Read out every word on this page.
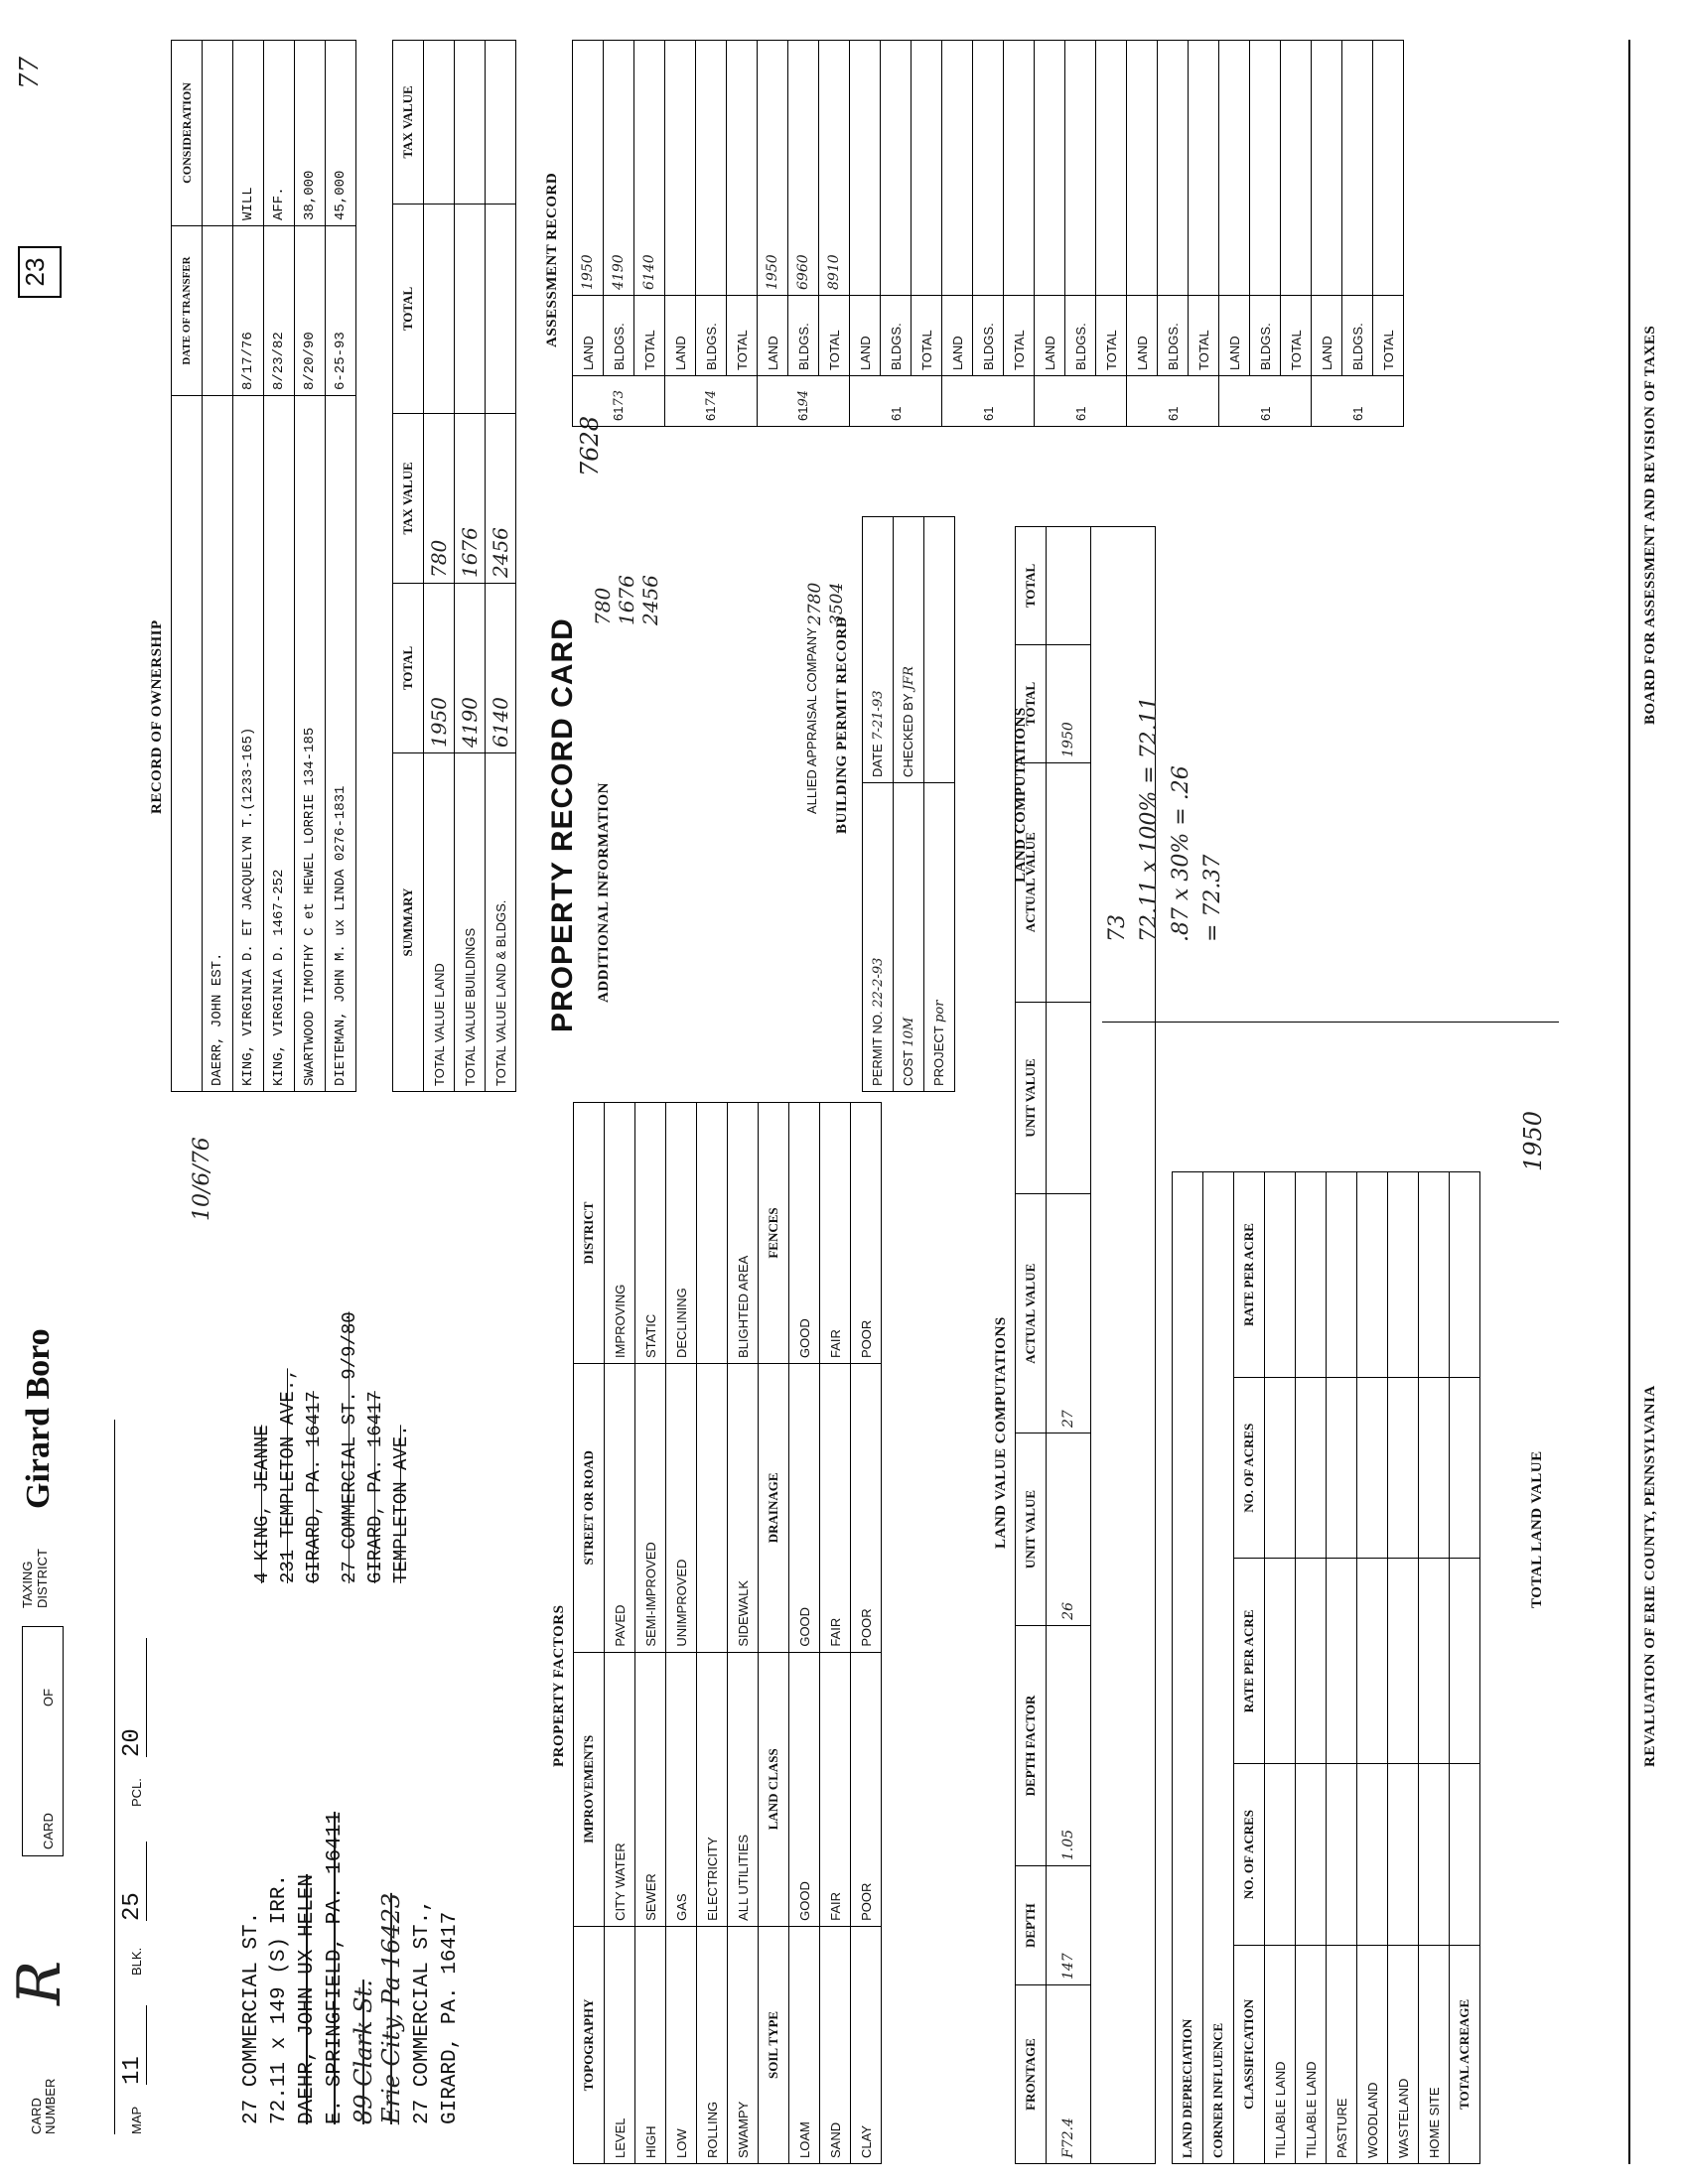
CARD NUMBER
R
CARD
OF
TAXING DISTRICT
Girard Boro
MAP
11
BLK.
25
PCL.
20
23
77
27 COMMERCIAL ST. 72.11 x 149 (S) IRR. DAEHR, JOHN UX HELEN E. SPRINGFIELD, PA. 16411 89 Clark St. Erie City, Pa 16423 27 COMMERCIAL ST., GIRARD, PA. 16417
4 KING, JEANNE 231 TEMPLETON AVE., GIRARD, PA. 16417 27 COMMERCIAL ST. 9/9/80 GIRARD, PA. 16417 TEMPLETON AVE.
10/6/76
RECORD OF OWNERSHIP
	DATE OF TRANSFER	CONSIDERATION
DAERR, JOHN EST.		
KING, VIRGINIA D. ET JACQUELYN T.(1233-165)	8/17/76	WILL
KING, VIRGINIA D. 1467-252	8/23/82	AFF.
SWARTWOOD TIMOTHY C et HEWEL LORRIE 134-185	8/20/90	38,000
DIETEMAN, JOHN M. ux LINDA 0276-1831	6-25-93	45,000
SUMMARY	TOTAL	TAX VALUE	TOTAL	TAX VALUE
TOTAL VALUE LAND	1950	780		
TOTAL VALUE BUILDINGS	4190	1676		
TOTAL VALUE LAND & BLDGS.	6140	2456		
PROPERTY RECORD CARD ADDITIONAL INFORMATION
780 1676 2456
ALLIED APPRAISAL COMPANY BUILDING PERMIT RECORD
2780 3504
PERMIT NO. 22-2-93	DATE 7-21-93
COST 10M	CHECKED BY JFR
PROJECT por	
ASSESSMENT RECORD
7628
6173	LAND	1950
	BLDGS.	4190
	TOTAL	6140
6174	LAND	
	BLDGS.	
	TOTAL	
6194	LAND	1950
	BLDGS.	6960
	TOTAL	8910
61	LAND	
	BLDGS.	
	TOTAL	
61	LAND	
	BLDGS.	
	TOTAL	
61	LAND	
	BLDGS.	
	TOTAL	
61	LAND	
	BLDGS.	
	TOTAL	
61	LAND	
	BLDGS.	
	TOTAL	
61	LAND	
	BLDGS.	
	TOTAL	
PROPERTY FACTORS
TOPOGRAPHY	IMPROVEMENTS	STREET OR ROAD	DISTRICT
LEVEL	CITY WATER	PAVED	IMPROVING
HIGH	SEWER	SEMI-IMPROVED	STATIC
LOW	GAS	UNIMPROVED	DECLINING
ROLLING	ELECTRICITY		
SWAMPY	ALL UTILITIES	SIDEWALK	BLIGHTED AREA
SOIL TYPE	LAND CLASS	DRAINAGE	FENCES
LOAM	GOOD	GOOD	GOOD
SAND	FAIR	FAIR	FAIR
CLAY	POOR	POOR	POOR	LAND VALUE COMPUTATIONS
FRONTAGE	DEPTH	DEPTH FACTOR	UNIT VALUE	ACTUAL VALUE	UNIT VALUE	ACTUAL VALUE	TOTAL	TOTAL
F72.4	147	1.05	26	27			1950	

LAND DEPRECIATION				
CORNER INFLUENCE				
CLASSIFICATION	NO. OF ACRES	RATE PER ACRE	NO. OF ACRES	RATE PER ACRE
TILLABLE LAND				
TILLABLE LAND				
PASTURE				
WOODLAND				
WASTELAND				
HOME SITE				
TOTAL ACREAGE				
TOTAL LAND VALUE
1950
LAND COMPUTATIONS
73 72.11 x 100% = 72.11 .87 x 30% = .26 = 72.37
REVALUATION OF ERIE COUNTY, PENNSYLVANIA
BOARD FOR ASSESSMENT AND REVISION OF TAXES
